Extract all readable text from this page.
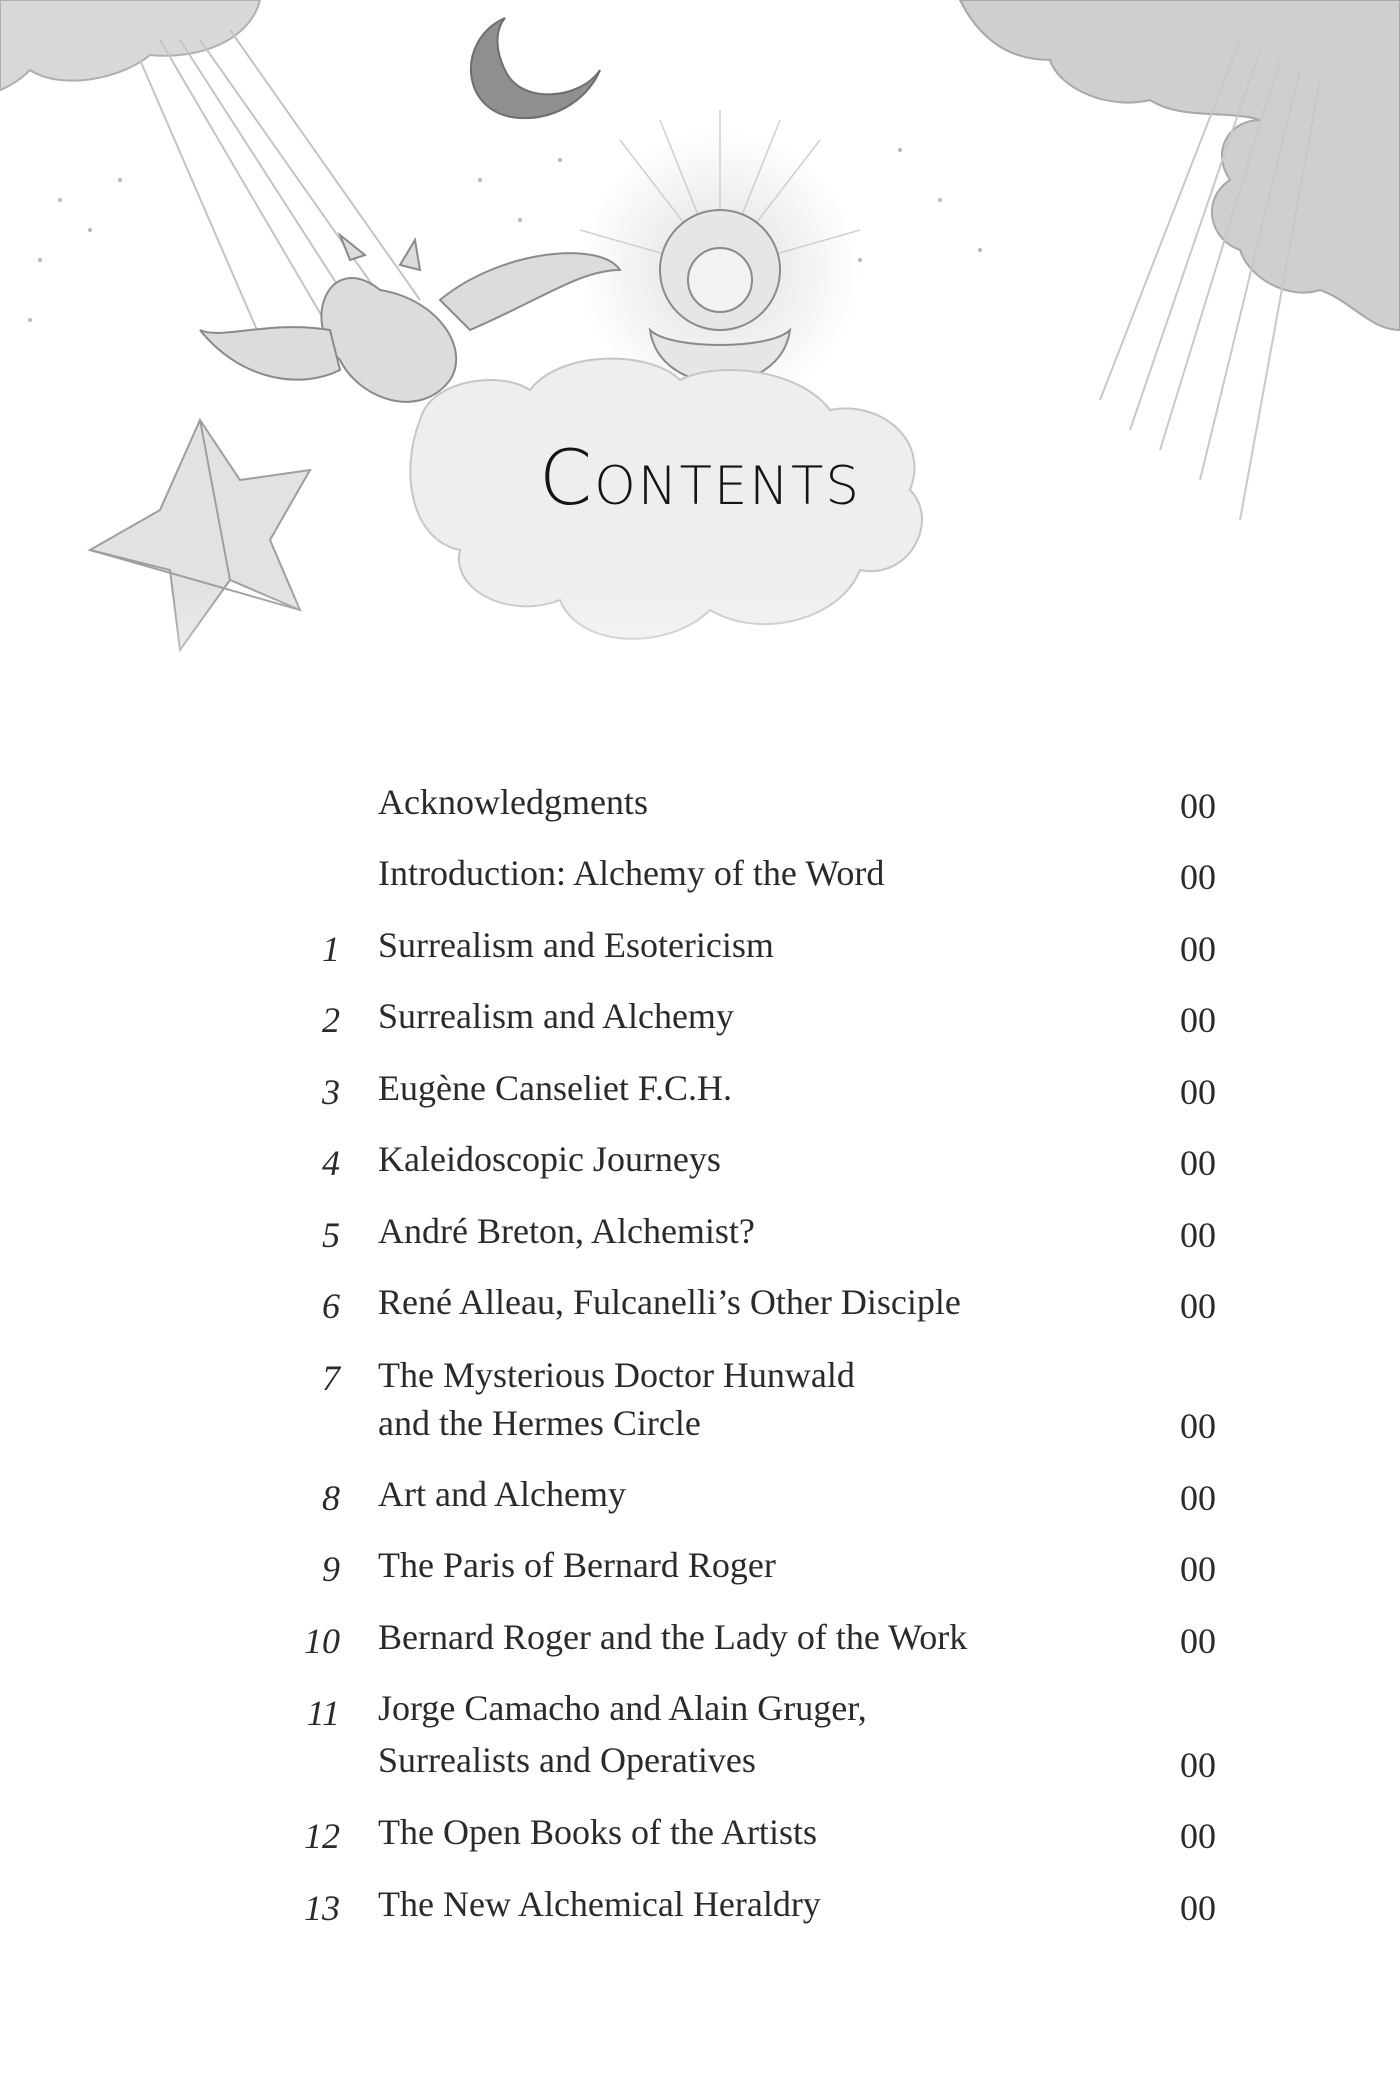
Contents
Acknowledgments	00
Introduction: Alchemy of the Word	00
1 Surrealism and Esotericism	00
2 Surrealism and Alchemy	00
3 Eugène Canseliet F.C.H.	00
4 Kaleidoscopic Journeys	00
5 André Breton, Alchemist?	00
6 René Alleau, Fulcanelli’s Other Disciple	00
7 The Mysterious Doctor Hunwald
and the Hermes Circle	00
8 Art and Alchemy	00
9 The Paris of Bernard Roger	00
10 Bernard Roger and the Lady of the Work	00
11 Jorge Camacho and Alain Gruger,
Surrealists and Operatives	00
12 The Open Books of the Artists	00
13 The New Alchemical Heraldry	00
